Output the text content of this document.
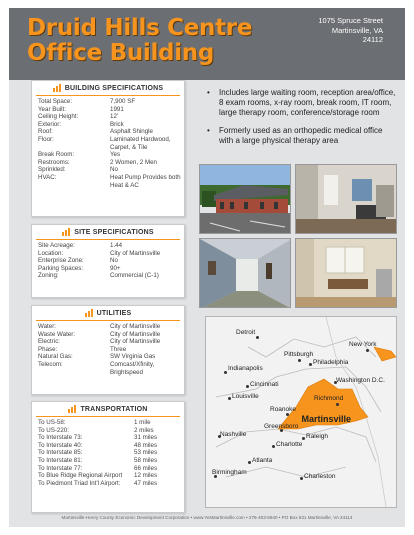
Druid Hills Centre
Office Building
1075 Spruce Street
Martinsville, VA
24112
BUILDING SPECIFICATIONS
Total Space:	7,900 SF
Year Built:	1991
Ceiling Height:	12'
Exterior:	Brick
Roof:	Asphalt Shingle
Floor:	Laminated Hardwood, Carpet, & Tile
Break Room:	Yes
Restrooms:	2 Women, 2 Men
Sprinkled:	No
HVAC:	Heat Pump Provides both Heat & AC
SITE SPECIFICATIONS
Site Acreage:	1.44
Location:	City of Martinsville
Enterprise Zone:	No
Parking Spaces:	90+
Zoning:	Commercial (C-1)
UTILITIES
Water:	City of Martinsville
Waste Water:	City of Martinsville
Electric:	City of Martinsville
Phase:	Three
Natural Gas:	SW Virginia Gas
Telecom:	Comcast/Xfinity, Brightspeed
TRANSPORTATION
To US-58:	1 mile
To US-220:	2 miles
To Interstate 73:	31 miles
To Interstate 40:	48 miles
To Interstate 85:	53 miles
To Interstate 81:	58 miles
To Interstate 77:	66 miles
To Blue Ridge Regional Airport	12 miles
To Piedmont Triad Int'l Airport:	47 miles
•	Includes large waiting room, reception area/office, 8 exam rooms, x-ray room, break room, IT room, large therapy room, conference/storage room
•	Formerly used as an orthopedic medical office with a large physical therapy area
Detroit
New York
Pittsburgh
Philadelphia
Indianapolis
Washington D.C.
Cincinnati
Richmond
Louisville
Roanoke
✸Martinsville
Nashville
Greensboro
Raleigh
Charlotte
Atlanta
Birmingham
Charleston
Martinsville-Henry County Economic Development Corporation • www.YesMartinsville.com • 276-403-5940 • PO Box 631 Martinsville, VA 24114
